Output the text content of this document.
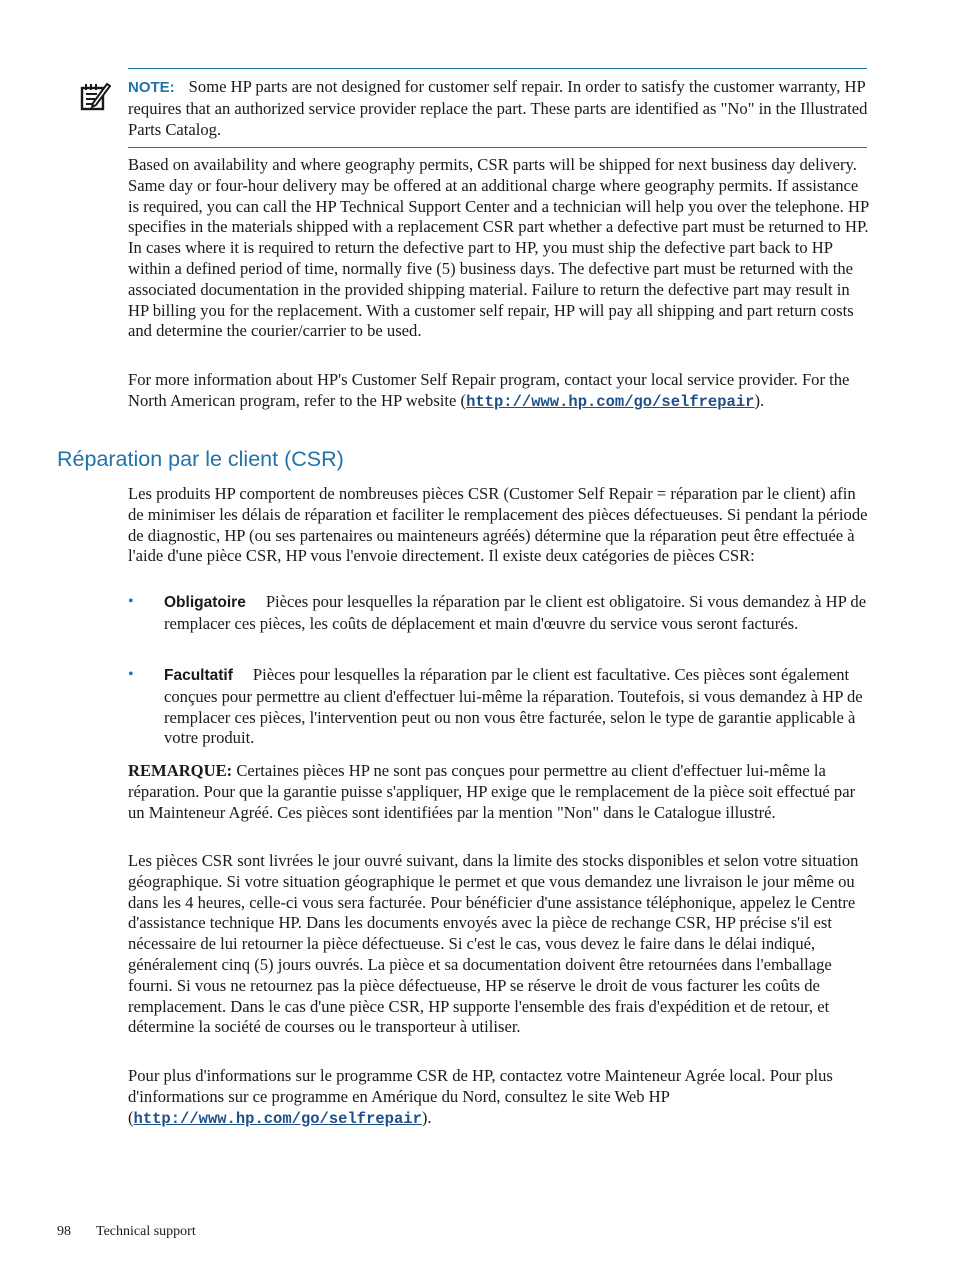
NOTE: Some HP parts are not designed for customer self repair. In order to satisfy the customer warranty, HP requires that an authorized service provider replace the part. These parts are identified as "No" in the Illustrated Parts Catalog.

Based on availability and where geography permits, CSR parts will be shipped for next business day delivery. Same day or four-hour delivery may be offered at an additional charge where geography permits. If assistance is required, you can call the HP Technical Support Center and a technician will help you over the telephone. HP specifies in the materials shipped with a replacement CSR part whether a defective part must be returned to HP. In cases where it is required to return the defective part to HP, you must ship the defective part back to HP within a defined period of time, normally five (5) business days. The defective part must be returned with the associated documentation in the provided shipping material. Failure to return the defective part may result in HP billing you for the replacement. With a customer self repair, HP will pay all shipping and part return costs and determine the courier/carrier to be used.

For more information about HP's Customer Self Repair program, contact your local service provider. For the North American program, refer to the HP website (http://www.hp.com/go/selfrepair).

Réparation par le client (CSR)

Les produits HP comportent de nombreuses pièces CSR (Customer Self Repair = réparation par le client) afin de minimiser les délais de réparation et faciliter le remplacement des pièces défectueuses. Si pendant la période de diagnostic, HP (ou ses partenaires ou mainteneurs agréés) détermine que la réparation peut être effectuée à l'aide d'une pièce CSR, HP vous l'envoie directement. Il existe deux catégories de pièces CSR:

• Obligatoire Pièces pour lesquelles la réparation par le client est obligatoire. Si vous demandez à HP de remplacer ces pièces, les coûts de déplacement et main d'œuvre du service vous seront facturés.

• Facultatif Pièces pour lesquelles la réparation par le client est facultative. Ces pièces sont également conçues pour permettre au client d'effectuer lui-même la réparation. Toutefois, si vous demandez à HP de remplacer ces pièces, l'intervention peut ou non vous être facturée, selon le type de garantie applicable à votre produit.

REMARQUE: Certaines pièces HP ne sont pas conçues pour permettre au client d'effectuer lui-même la réparation. Pour que la garantie puisse s'appliquer, HP exige que le remplacement de la pièce soit effectué par un Mainteneur Agréé. Ces pièces sont identifiées par la mention "Non" dans le Catalogue illustré.

Les pièces CSR sont livrées le jour ouvré suivant, dans la limite des stocks disponibles et selon votre situation géographique. Si votre situation géographique le permet et que vous demandez une livraison le jour même ou dans les 4 heures, celle-ci vous sera facturée. Pour bénéficier d'une assistance téléphonique, appelez le Centre d'assistance technique HP. Dans les documents envoyés avec la pièce de rechange CSR, HP précise s'il est nécessaire de lui retourner la pièce défectueuse. Si c'est le cas, vous devez le faire dans le délai indiqué, généralement cinq (5) jours ouvrés. La pièce et sa documentation doivent être retournées dans l'emballage fourni. Si vous ne retournez pas la pièce défectueuse, HP se réserve le droit de vous facturer les coûts de remplacement. Dans le cas d'une pièce CSR, HP supporte l'ensemble des frais d'expédition et de retour, et détermine la société de courses ou le transporteur à utiliser.

Pour plus d'informations sur le programme CSR de HP, contactez votre Mainteneur Agrée local. Pour plus d'informations sur ce programme en Amérique du Nord, consultez le site Web HP (http://www.hp.com/go/selfrepair).

98 Technical support
